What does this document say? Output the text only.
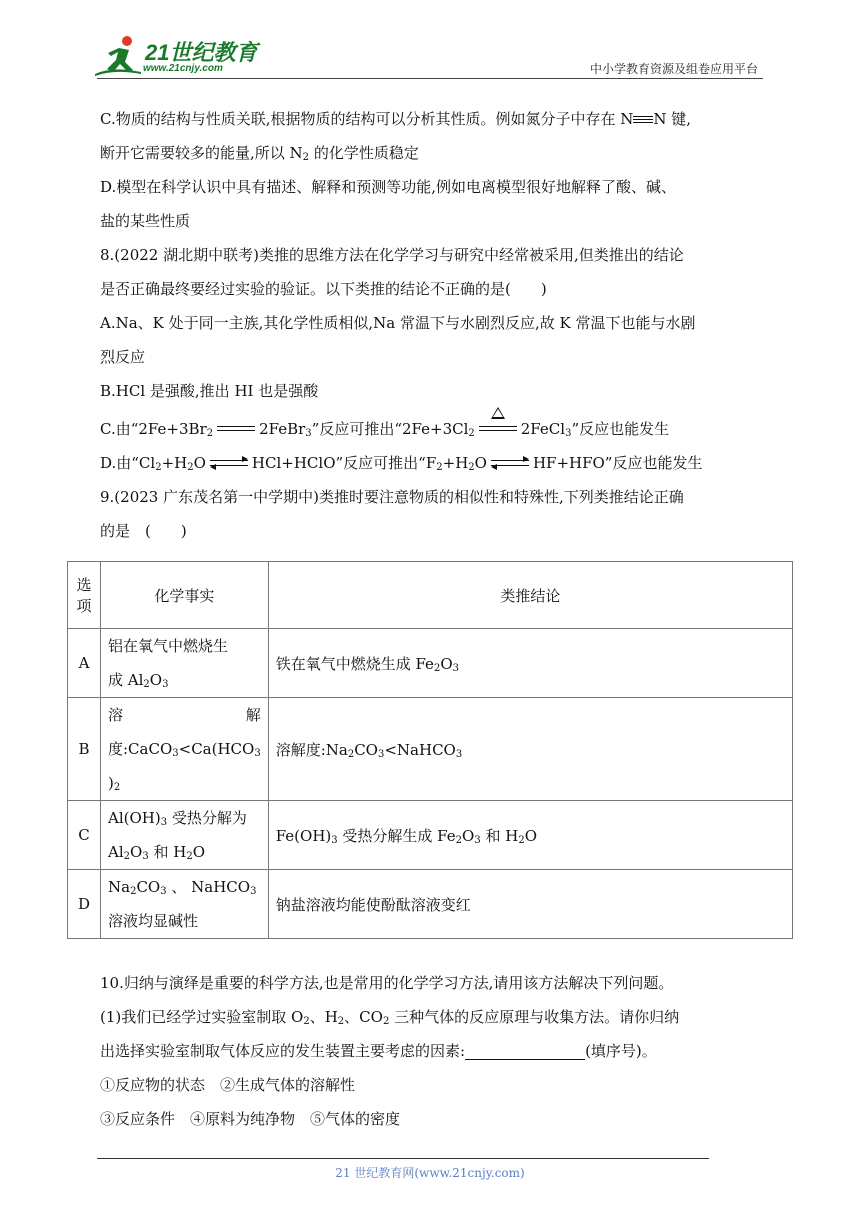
21世纪教育
www.21cnjy.com	中小学教育资源及组卷应用平台
C.物质的结构与性质关联,根据物质的结构可以分析其性质。例如氮分子中存在 N N 键,
断开它需要较多的能量,所以 $N_2$ 的化学性质稳定
D.模型在科学认识中具有描述、解释和预测等功能,例如电离模型很好地解释了酸、碱、
盐的某些性质
8.(2022 湖北期中联考)类推的思维方法在化学学习与研究中经常被采用,但类推出的结论
是否正确最终要经过实验的验证。以下类推的结论不正确的是(　　)
A.Na、K 处于同一主族,其化学性质相似,Na 常温下与水剧烈反应,故 K 常温下也能与水剧
烈反应
B.HCl 是强酸,推出 HI 也是强酸
C.由“$2Fe+3Br_2$	2FeBr$_3$”反应可推出“$2Fe+3Cl_2$	2FeCl$_3$”反应也能发生
D.由“$Cl_2+H_2O$	HCl+HClO”反应可推出“$F_2+H_2O$	HF+HFO”反应也能发生
9.(2023 广东茂名第一中学期中)类推时要注意物质的相似性和特殊性,下列类推结论正确
的是　(　　)
选
项	化学事实	类推结论
A	铝在氧气中燃烧生
成 $Al_2O_3$	铁在氧气中燃烧生成 $Fe_2O_3$
B	溶 解
度$:CaCO_3<Ca(HCO_3$
)$_2$	溶解度$:Na_2CO_3<NaHCO_3$
C	$Al(OH)_3$ 受热分解为
$Al_2O_3$ 和 $H_2O$	$Fe(OH)_3$ 受热分解生成 $Fe_2O_3$ 和 $H_2O$
D	$Na_2CO_3$ 、 NaHCO$_3$
溶液均显碱性	钠盐溶液均能使酚酞溶液变红
10.归纳与演绎是重要的科学方法,也是常用的化学学习方法,请用该方法解决下列问题。
(1)我们已经学过实验室制取 $O_2$、$H_2$、$CO_2$ 三种气体的反应原理与收集方法。请你归纳
出选择实验室制取气体反应的发生装置主要考虑的因素:	(填序号)。
①反应物的状态　②生成气体的溶解性
③反应条件　④原料为纯净物　⑤气体的密度
21 世纪教育网(www.21cnjy.com)
